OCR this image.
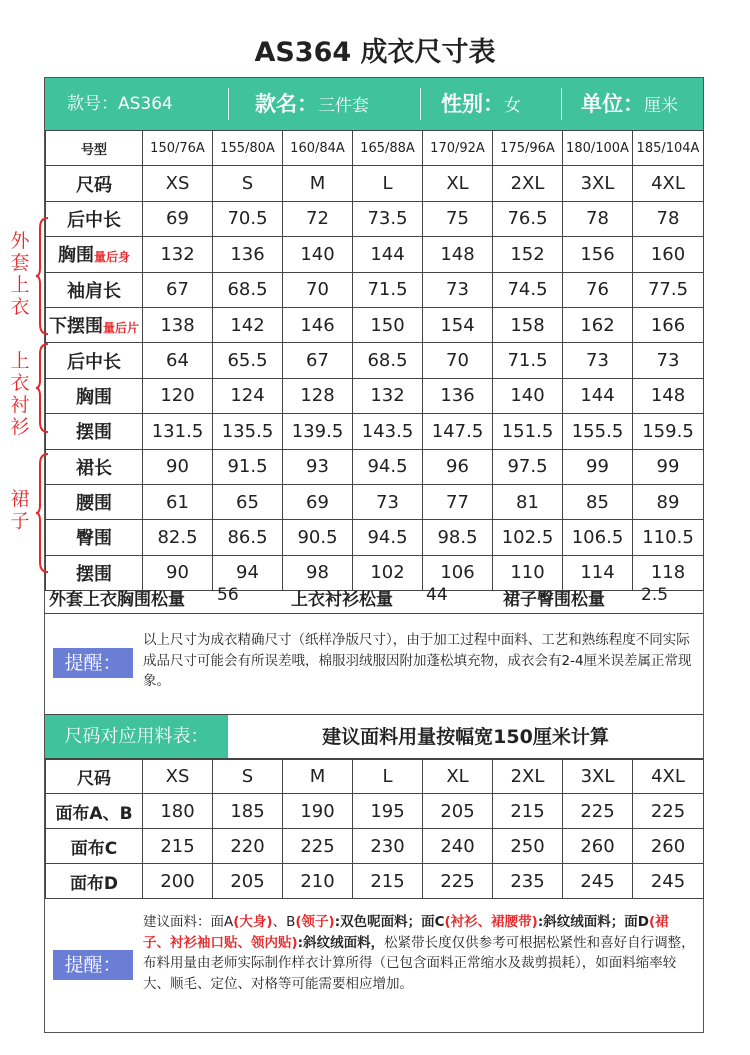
AS364 成衣尺寸表
款号：AS364	款名：三件套	性别：女	单位：厘米
号型	150/76A	155/80A	160/84A	165/88A	170/92A	175/96A	180/100A	185/104A
尺码	XS	S	M	L	XL	2XL	3XL	4XL
后中长	69	70.5	72	73.5	75	76.5	78	78
胸围量后身	132	136	140	144	148	152	156	160
袖肩长	67	68.5	70	71.5	73	74.5	76	77.5
下摆围量后片	138	142	146	150	154	158	162	166
后中长	64	65.5	67	68.5	70	71.5	73	73
胸围	120	124	128	132	136	140	144	148
摆围	131.5	135.5	139.5	143.5	147.5	151.5	155.5	159.5
裙长	90	91.5	93	94.5	96	97.5	99	99
腰围	61	65	69	73	77	81	85	89
臀围	82.5	86.5	90.5	94.5	98.5	102.5	106.5	110.5
摆围	90	94	98	102	106	110	114	118
外套上衣
上衣衬衫
裙子
外套上衣胸围松量 56	上衣衬衫松量 44	裙子臀围松量 2.5
提醒：
以上尺寸为成衣精确尺寸（纸样净版尺寸），由于加工过程中面料、工艺和熟练程度不同实际成品尺寸可能会有所误差哦，棉服羽绒服因附加蓬松填充物，成衣会有2-4厘米误差属正常现象。
尺码对应用料表：	建议面料用量按幅宽150厘米计算
尺码	XS	S	M	L	XL	2XL	3XL	4XL
面布A、B	180	185	190	195	205	215	225	225
面布C	215	220	225	230	240	250	260	260
面布D	200	205	210	215	225	235	245	245
提醒：
建议面料：面A(大身)、B(领子):双色呢面料；面C(衬衫、裙腰带):斜纹绒面料；面D(裙子、衬衫袖口贴、领内贴):斜纹绒面料，松紧带长度仅供参考可根据松紧性和喜好自行调整，布料用量由老师实际制作样衣计算所得（已包含面料正常缩水及裁剪损耗），如面料缩率较大、顺毛、定位、对格等可能需要相应增加。
